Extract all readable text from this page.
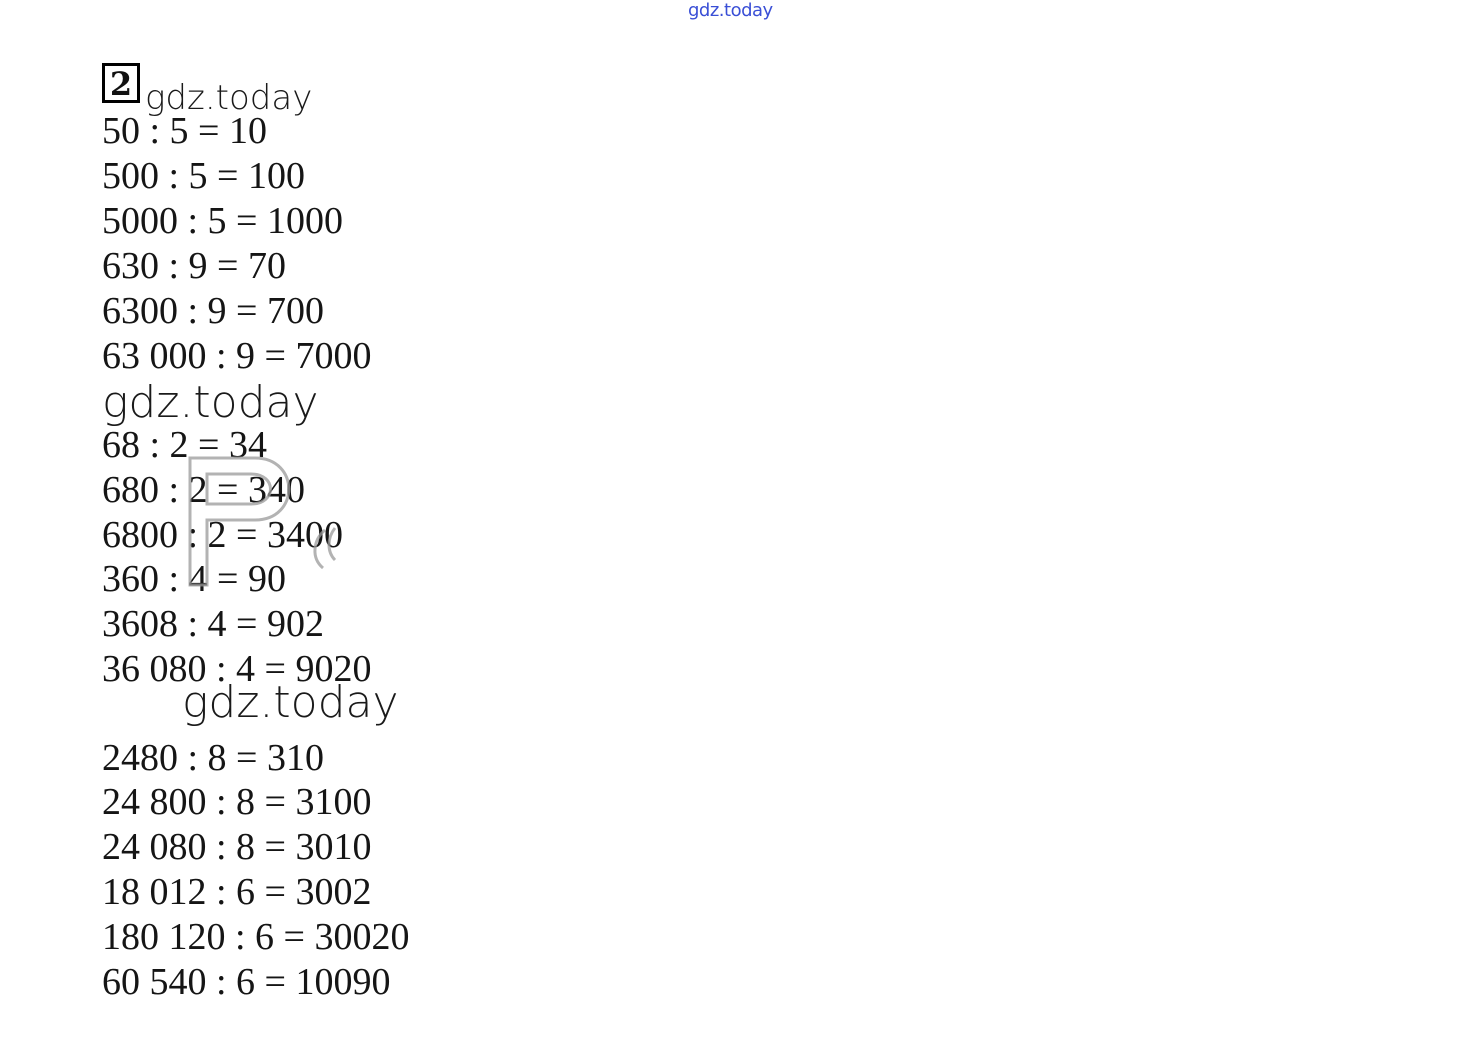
gdz.today
2 gdz.today
50 : 5 = 10
500 : 5 = 100
5000 : 5 = 1000
630 : 9 = 70
6300 : 9 = 700
63 000 : 9 = 7000
gdz.today
68 : 2 = 34
680 : 2 = 340
6800 : 2 = 3400
360 : 4 = 90
3608 : 4 = 902
36 080 : 4 = 9020
gdz.today
2480 : 8 = 310
24 800 : 8 = 3100
24 080 : 8 = 3010
18 012 : 6 = 3002
180 120 : 6 = 30020
60 540 : 6 = 10090
